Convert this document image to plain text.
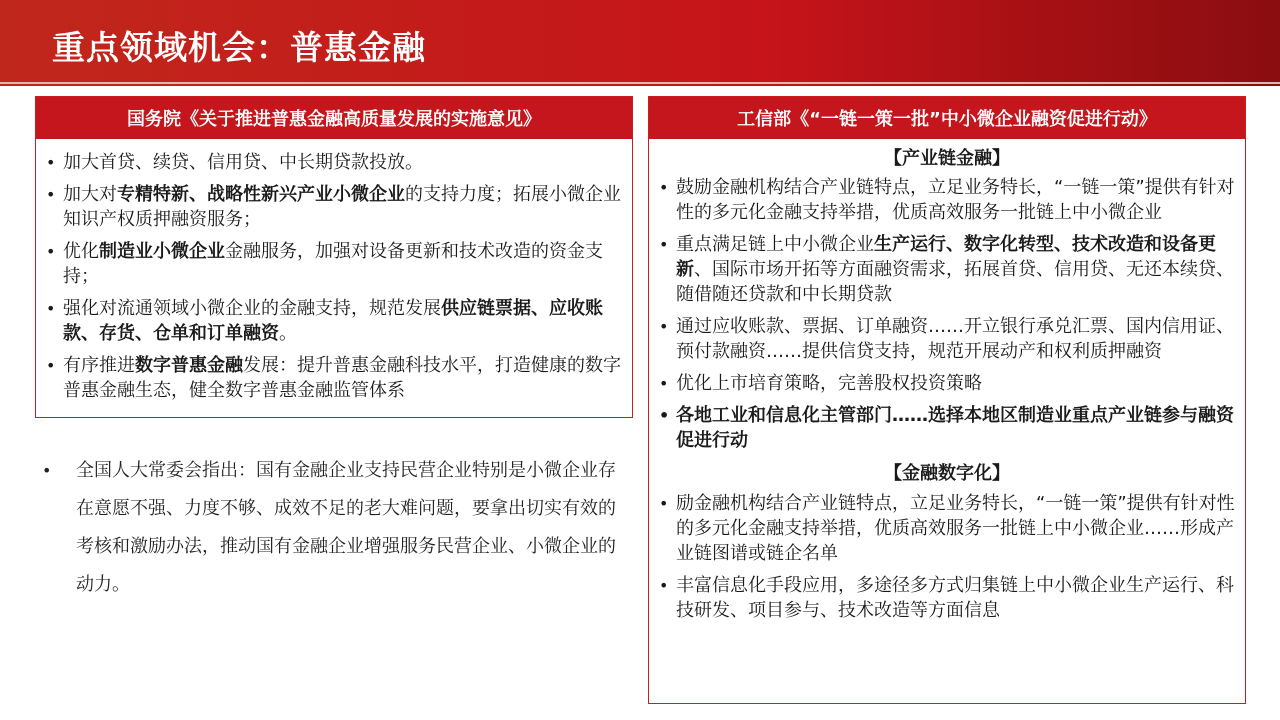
重点领域机会：普惠金融
国务院《关于推进普惠金融高质量发展的实施意见》
• 加大首贷、续贷、信用贷、中长期贷款投放。
• 加大对专精特新、战略性新兴产业小微企业的支持力度；拓展小微企业知识产权质押融资服务；
• 优化制造业小微企业金融服务，加强对设备更新和技术改造的资金支持；
• 强化对流通领域小微企业的金融支持，规范发展供应链票据、应收账款、存货、仓单和订单融资。
• 有序推进数字普惠金融发展：提升普惠金融科技水平，打造健康的数字普惠金融生态，健全数字普惠金融监管体系
• 全国人大常委会指出：国有金融企业支持民营企业特别是小微企业存在意愿不强、力度不够、成效不足的老大难问题，要拿出切实有效的考核和激励办法，推动国有金融企业增强服务民营企业、小微企业的动力。
工信部《“一链一策一批”中小微企业融资促进行动》
【产业链金融】
• 鼓励金融机构结合产业链特点，立足业务特长，“一链一策”提供有针对性的多元化金融支持举措，优质高效服务一批链上中小微企业
• 重点满足链上中小微企业生产运行、数字化转型、技术改造和设备更新、国际市场开拓等方面融资需求，拓展首贷、信用贷、无还本续贷、随借随还贷款和中长期贷款
• 通过应收账款、票据、订单融资……开立银行承兑汇票、国内信用证、预付款融资……提供信贷支持，规范开展动产和权利质押融资
• 优化上市培育策略，完善股权投资策略
• 各地工业和信息化主管部门……选择本地区制造业重点产业链参与融资促进行动
【金融数字化】
• 励金融机构结合产业链特点，立足业务特长，“一链一策”提供有针对性的多元化金融支持举措，优质高效服务一批链上中小微企业……形成产业链图谱或链企名单
• 丰富信息化手段应用，多途径多方式归集链上中小微企业生产运行、科技研发、项目参与、技术改造等方面信息
